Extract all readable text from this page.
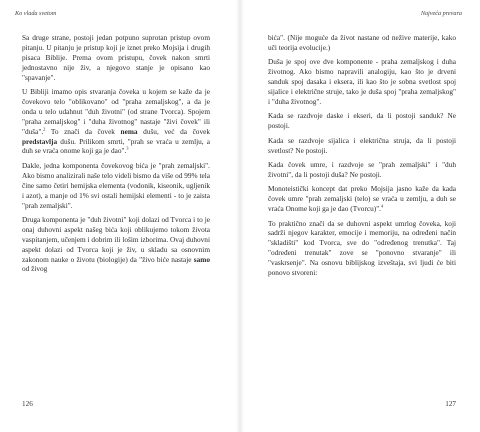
Ko vlada svetom

Sa druge strane, postoji jedan potpuno suprotan pristup ovom pitanju. U pitanju je pristup koji je iznet preko Mojsija i drugih pisaca Biblije. Prema ovom pristupu, čovek nakon smrti jednostavno nije živ, a njegovo stanje je opisano kao "spavanje".

U Bibliji imamo opis stvaranja čoveka u kojem se kaže da je čovekovo telo "oblikovano" od "praha zemaljskog", a da je onda u telo udahnut "duh životni" (od strane Tvorca). Spojem "praha zemaljskog" i "duha životnog" nastaje "živi čovek" ili "duša".$^2$ To znači da čovek nema dušu, već da čovek predstavlja dušu. Prilikom smrti, "prah se vraća u zemlju, a duh se vraća onome koji ga je dao".$^3$

Dakle, jedna komponenta čovekovog bića je "prah zemaljski". Ako bismo analizirali naše telo videli bismo da više od 99% tela čine samo četiri hemijska elementa (vodonik, kiseonik, ugljenik i azot), a manje od 1% svi ostali hemijski elementi - to je zaista "prah zemaljski".

Druga komponenta je "duh životni" koji dolazi od Tvorca i to je onaj duhovni aspekt našeg bića koji oblikujemo tokom života vaspitanjem, učenjem i dobrim ili lošim izborima. Ovaj duhovni aspekt dolazi od Tvorca koji je živ, u skladu sa osnovnim zakonom nauke o životu (biologije) da "živo biće nastaje samo od živog

126
Najveća prevara

bića". (Nije moguće da život nastane od neživе materije, kako uči teorija evolucije.)

Duša je spoj ove dve komponente - praha zemaljskog i duha životnog. Ako bismo napravili analogiju, kao što je drveni sanduk spoj dasaka i eksera, ili kao što je sobna svetlost spoj sijalice i električne struje, tako je duša spoj "praha zemaljskog" i "duha životnog".

Kada se razdvoje daske i ekseri, da li postoji sanduk? Ne postoji.

Kada se razdvoje sijalica i električna struja, da li postoji svetlost? Ne postoji.

Kada čovek umre, i razdvoje se "prah zemaljski" i "duh životni", da li postoji duša? Ne postoji.

Monoteistički koncept dat preko Mojsija jasno kaže da kada čovek umre "prah zemaljski (telo) se vraća u zemlju, a duh se vraća Onome koji ga je dao (Tvorcu)".$^4$

To praktično znači da se duhovni aspekt umrlog čoveka, koji sadrži njegov karakter, emocije i memoriju, na određeni način "skladišti" kod Tvorca, sve do "određenog trenutka". Taj "određeni trenutak" zove se "ponovno stvaranje" ili "vaskrsenje". Na osnovu biblijskog izveštaja, svi ljudi će biti ponovo stvoreni:

127
